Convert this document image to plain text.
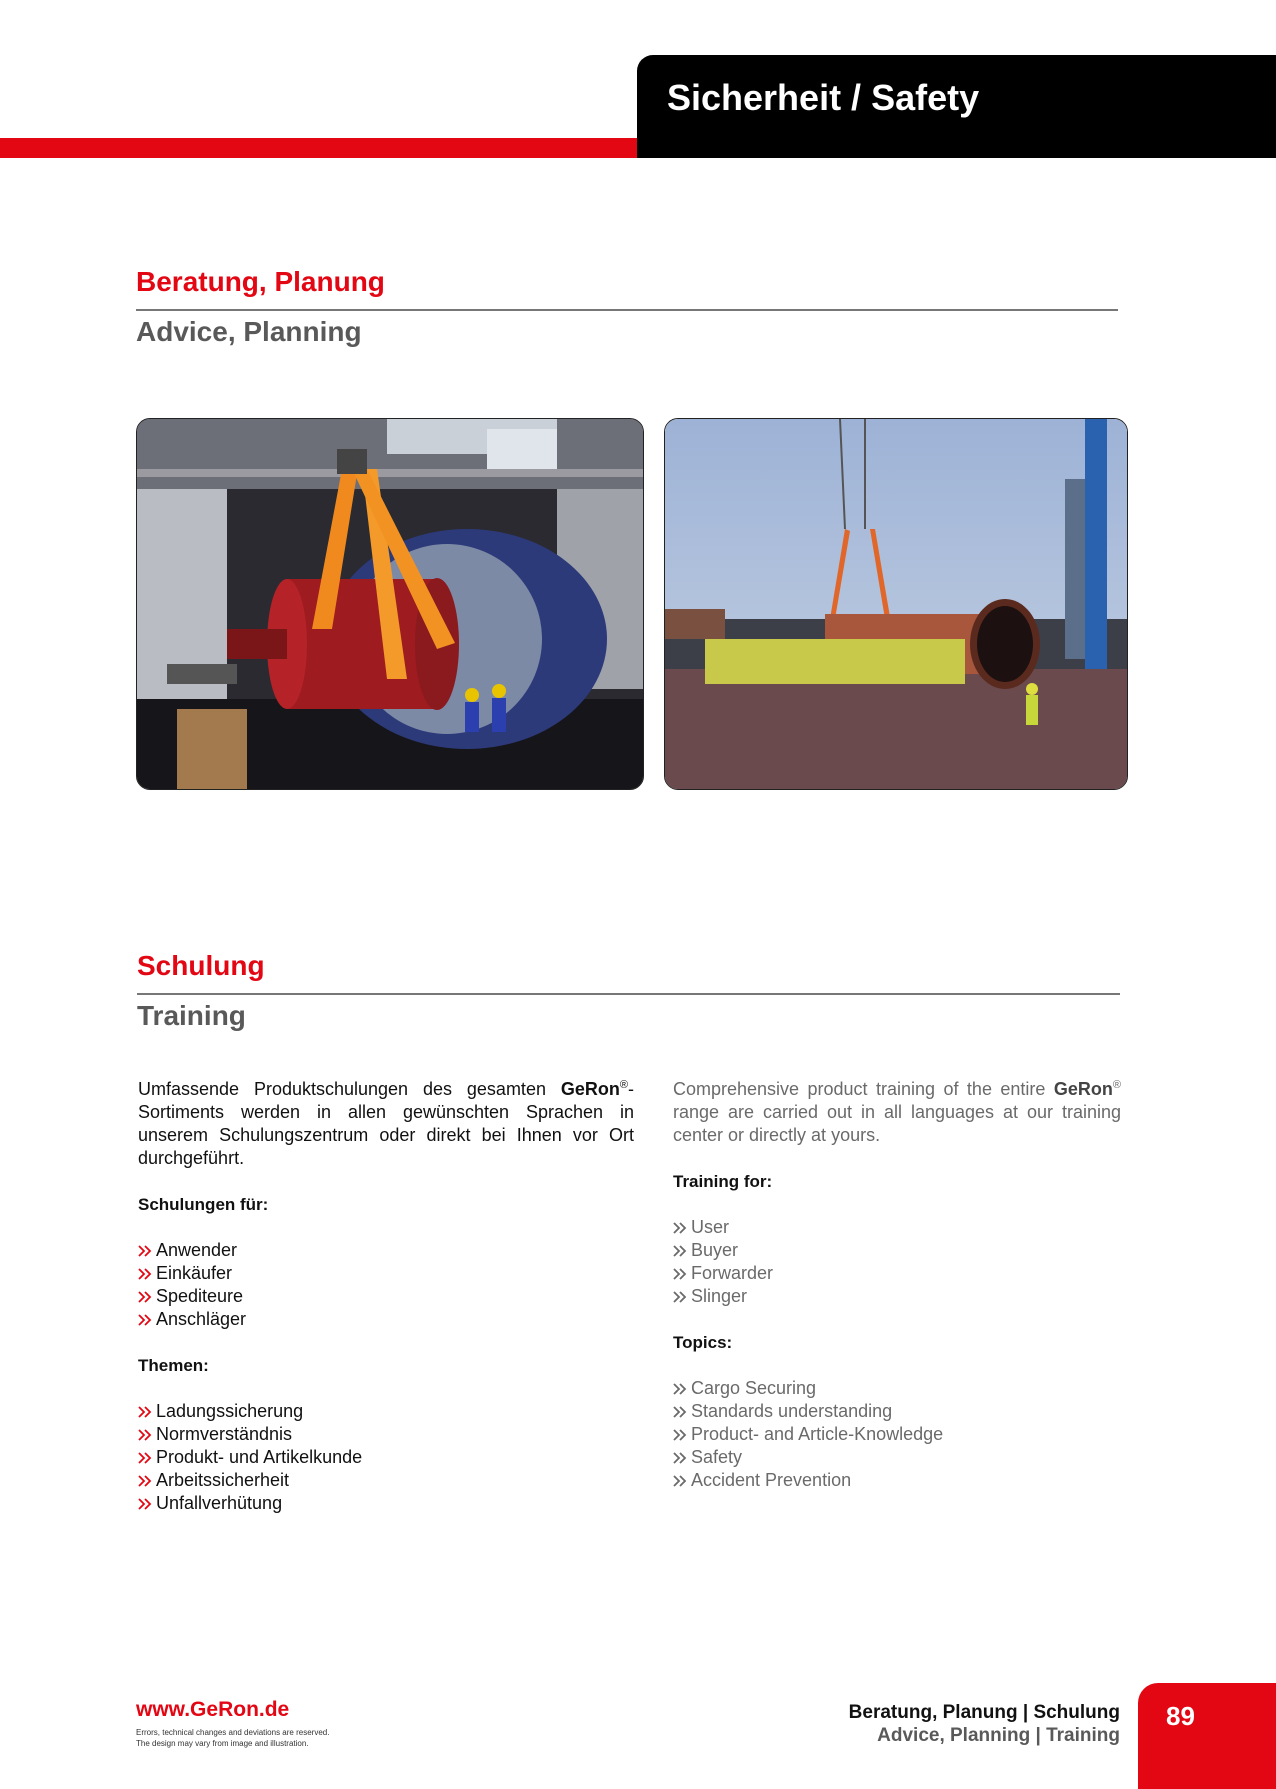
Sicherheit / Safety
Beratung, Planung
Advice, Planning
Schulung
Training

Umfassende Produktschulungen des gesamten GeRon®-Sortiments werden in allen gewünschten Sprachen in unserem Schulungszentrum oder direkt bei Ihnen vor Ort durchgeführt.

Schulungen für:
Anwender
Einkäufer
Spediteure
Anschläger
Themen:
Ladungssicherung
Normverständnis
Produkt- und Artikelkunde
Arbeitssicherheit
Unfallverhütung

Comprehensive product training of the entire GeRon® range are carried out in all languages at our training center or directly at yours.

Training for:
User
Buyer
Forwarder
Slinger
Topics:
Cargo Securing
Standards understanding
Product- and Article-Knowledge
Safety
Accident Prevention
www.GeRon.de
Errors, technical changes and deviations are reserved.
The design may vary from image and illustration.
Beratung, Planung | Schulung
Advice, Planning | Training
89
